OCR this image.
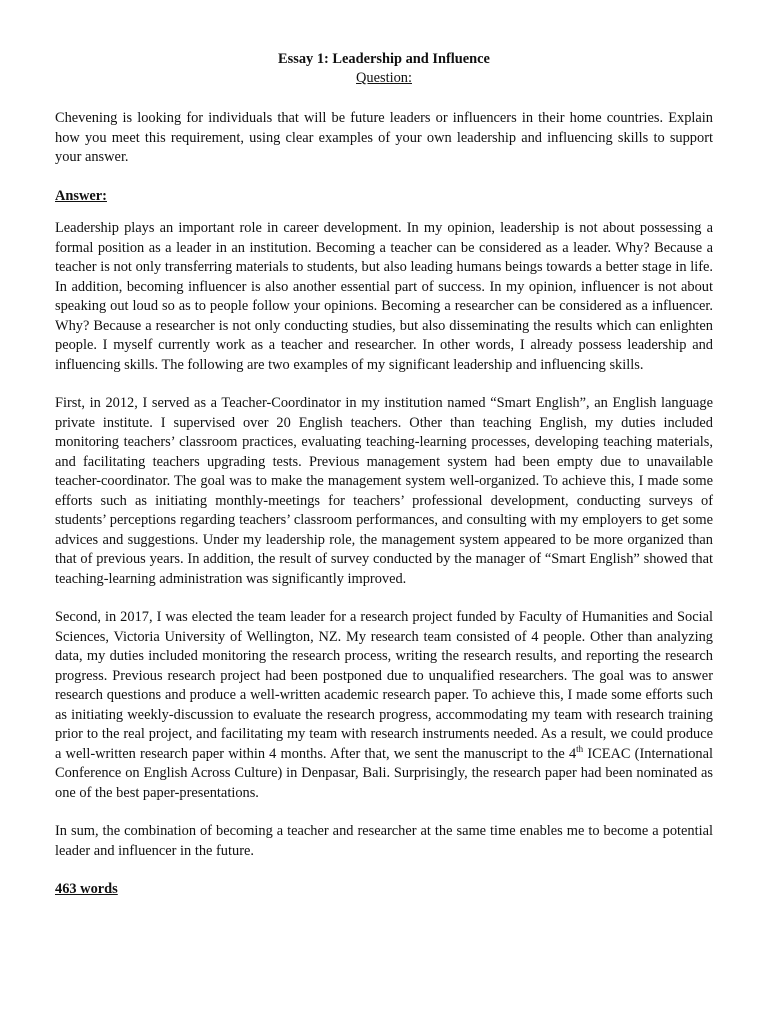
Essay 1: Leadership and Influence
Question:

Chevening is looking for individuals that will be future leaders or influencers in their home countries. Explain how you meet this requirement, using clear examples of your own leadership and influencing skills to support your answer.

Answer:

Leadership plays an important role in career development. In my opinion, leadership is not about possessing a formal position as a leader in an institution. Becoming a teacher can be considered as a leader. Why? Because a teacher is not only transferring materials to students, but also leading humans beings towards a better stage in life. In addition, becoming influencer is also another essential part of success. In my opinion, influencer is not about speaking out loud so as to people follow your opinions. Becoming a researcher can be considered as a influencer. Why? Because a researcher is not only conducting studies, but also disseminating the results which can enlighten people. I myself currently work as a teacher and researcher. In other words, I already possess leadership and influencing skills. The following are two examples of my significant leadership and influencing skills.

First, in 2012, I served as a Teacher-Coordinator in my institution named “Smart English”, an English language private institute. I supervised over 20 English teachers. Other than teaching English, my duties included monitoring teachers’ classroom practices, evaluating teaching-learning processes, developing teaching materials, and facilitating teachers upgrading tests. Previous management system had been empty due to unavailable teacher-coordinator. The goal was to make the management system well-organized. To achieve this, I made some efforts such as initiating monthly-meetings for teachers’ professional development, conducting surveys of students’ perceptions regarding teachers’ classroom performances, and consulting with my employers to get some advices and suggestions. Under my leadership role, the management system appeared to be more organized than that of previous years. In addition, the result of survey conducted by the manager of “Smart English” showed that teaching-learning administration was significantly improved.

Second, in 2017, I was elected the team leader for a research project funded by Faculty of Humanities and Social Sciences, Victoria University of Wellington, NZ. My research team consisted of 4 people. Other than analyzing data, my duties included monitoring the research process, writing the research results, and reporting the research progress. Previous research project had been postponed due to unqualified researchers. The goal was to answer research questions and produce a well-written academic research paper. To achieve this, I made some efforts such as initiating weekly-discussion to evaluate the research progress, accommodating my team with research training prior to the real project, and facilitating my team with research instruments needed. As a result, we could produce a well-written research paper within 4 months. After that, we sent the manuscript to the 4th ICEAC (International Conference on English Across Culture) in Denpasar, Bali. Surprisingly, the research paper had been nominated as one of the best paper-presentations.

In sum, the combination of becoming a teacher and researcher at the same time enables me to become a potential leader and influencer in the future.

463 words
